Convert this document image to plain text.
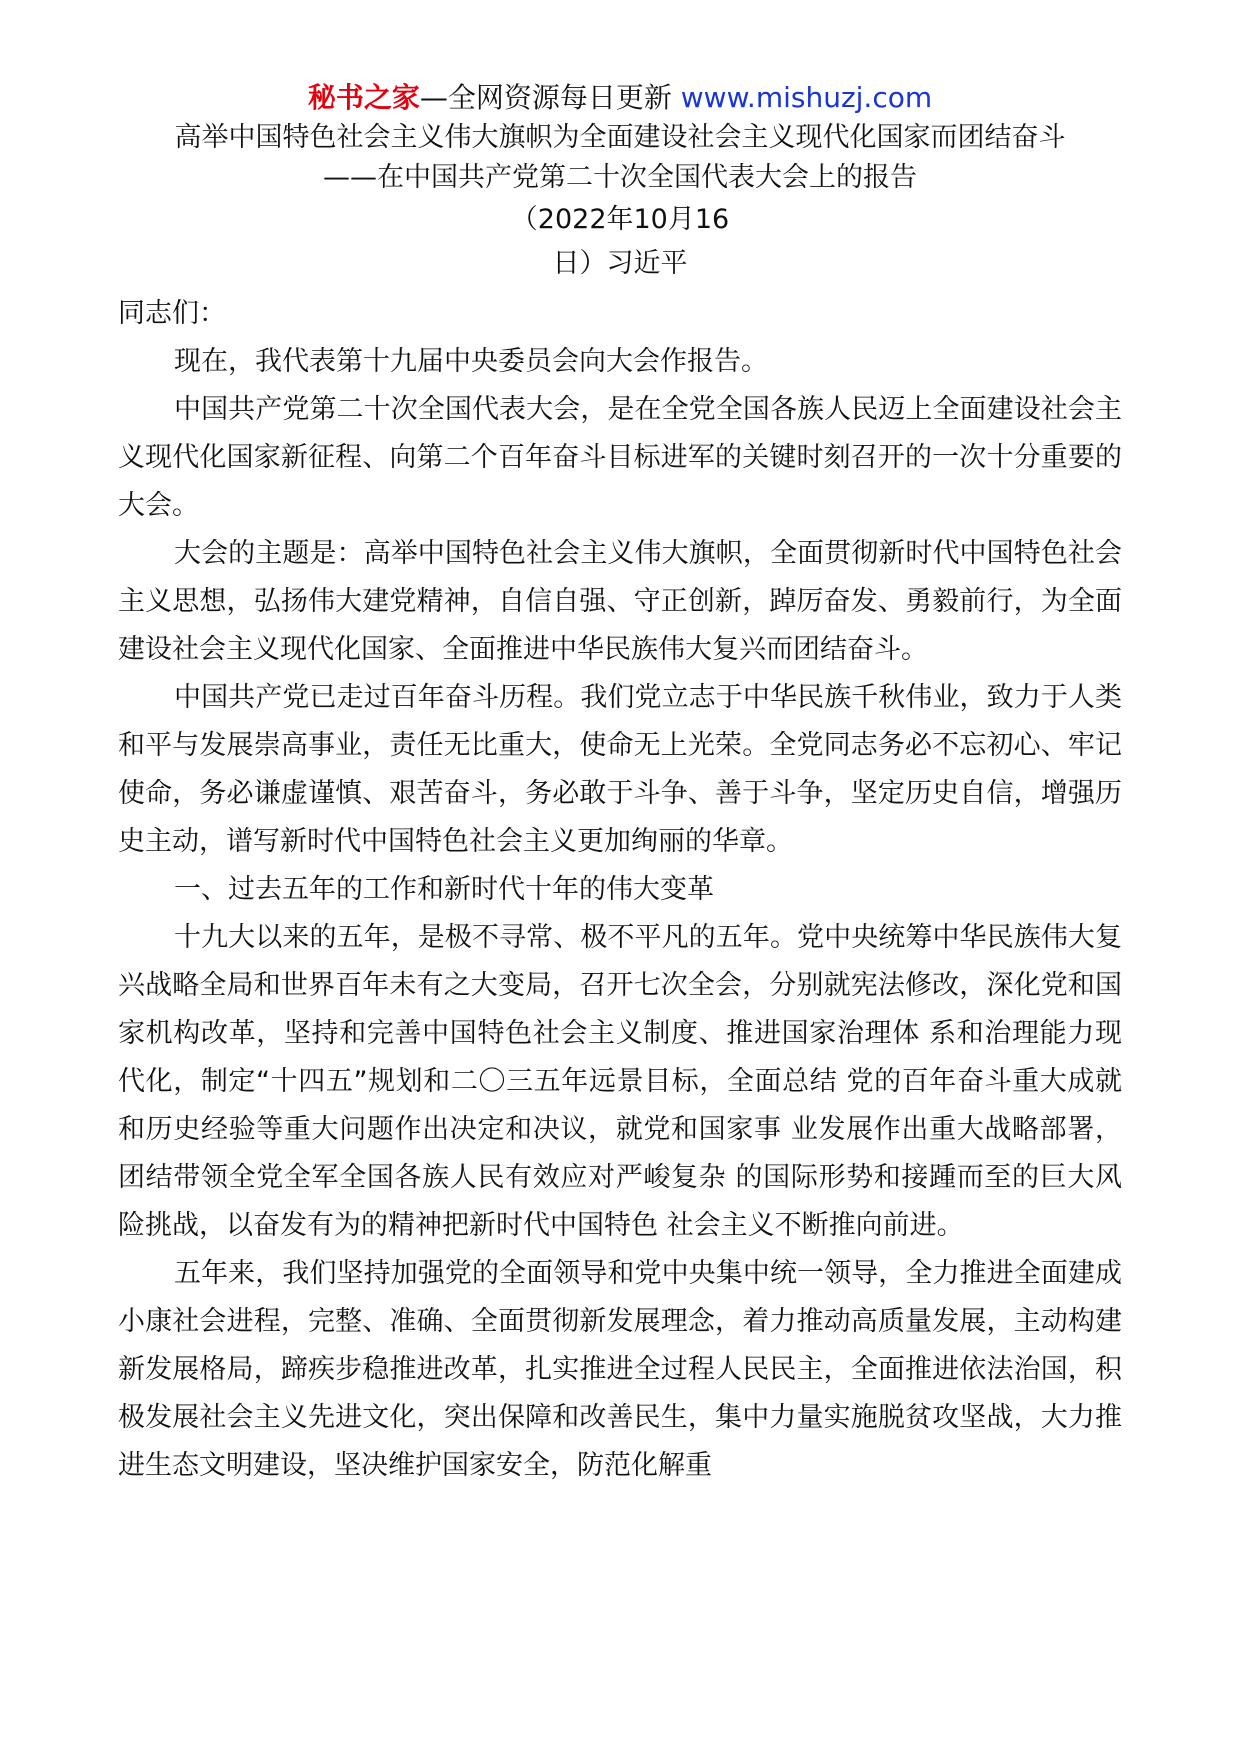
秘书之家—全网资源每日更新 www.mishuzj.com
高举中国特色社会主义伟大旗帜为全面建设社会主义现代化国家而团结奋斗
——在中国共产党第二十次全国代表大会上的报告
（2022年10月16
日）习近平
同志们：

现在，我代表第十九届中央委员会向大会作报告。

中国共产党第二十次全国代表大会，是在全党全国各族人民迈上全面建设社会主义现代化国家新征程、向第二个百年奋斗目标进军的关键时刻召开的一次十分重要的大会。

大会的主题是：高举中国特色社会主义伟大旗帜，全面贯彻新时代中国特色社会主义思想，弘扬伟大建党精神，自信自强、守正创新，踔厉奋发、勇毅前行，为全面建设社会主义现代化国家、全面推进中华民族伟大复兴而团结奋斗。

中国共产党已走过百年奋斗历程。我们党立志于中华民族千秋伟业，致力于人类和平与发展崇高事业，责任无比重大，使命无上光荣。全党同志务必不忘初心、牢记使命，务必谦虚谨慎、艰苦奋斗，务必敢于斗争、善于斗争，坚定历史自信，增强历史主动，谱写新时代中国特色社会主义更加绚丽的华章。

一、过去五年的工作和新时代十年的伟大变革

十九大以来的五年，是极不寻常、极不平凡的五年。党中央统筹中华民族伟大复兴战略全局和世界百年未有之大变局，召开七次全会，分别就宪法修改，深化党和国家机构改革，坚持和完善中国特色社会主义制度、推进国家治理体 系和治理能力现代化，制定“十四五”规划和二〇三五年远景目标，全面总结 党的百年奋斗重大成就和历史经验等重大问题作出决定和决议，就党和国家事 业发展作出重大战略部署，团结带领全党全军全国各族人民有效应对严峻复杂 的国际形势和接踵而至的巨大风险挑战，以奋发有为的精神把新时代中国特色 社会主义不断推向前进。

五年来，我们坚持加强党的全面领导和党中央集中统一领导，全力推进全面建成小康社会进程，完整、准确、全面贯彻新发展理念，着力推动高质量发展，主动构建新发展格局，蹄疾步稳推进改革，扎实推进全过程人民民主，全面推进依法治国，积极发展社会主义先进文化，突出保障和改善民生，集中力量实施脱贫攻坚战，大力推进生态文明建设，坚决维护国家安全，防范化解重
